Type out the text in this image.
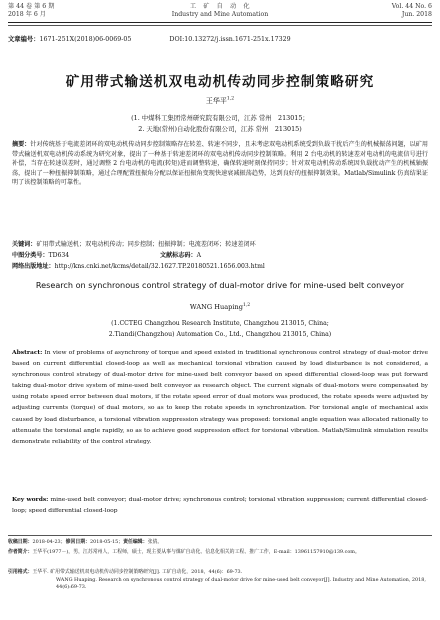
第 44 卷 第 6 期
2018 年 6 月
工　矿　自　动　化
Industry and Mine Automation
Vol. 44 No. 6
Jun. 2018
文章编号：1671-251X(2018)06-0069-05	DOI:10.13272/j.issn.1671-251x.17329
矿用带式输送机双电动机传动同步控制策略研究
王华平$^{1,2}$
(1. 中煤科工集团常州研究院有限公司，江苏 常州　213015；
2. 天地(常州)自动化股份有限公司，江苏 常州　213015)
摘要：针对传统基于电流差闭环的双电动机传动同步控制策略存在转差、转速不同步，且未考虑双电动机系统受到负载干扰后产生的机械振荡问题，以矿用带式输送机双电动机传动系统为研究对象，提出了一种基于转速差闭环的双电动机传动同步控制策略。利用 2 台电动机的转速差对电动机的电流信号进行补偿，当存在转速误差时，通过调整 2 台电动机的电流(转矩)进而调整转速，确保转速时刻保持同步；针对双电动机传动系统因负载扰动产生的机械轴振荡，提出了一种扭振抑制策略，通过合理配置扭振角分配以保证扭振角变现快速衰减振荡趋势，达到良好的扭振抑制效果。Matlab/Simulink 仿真结果证明了该控制策略的可靠性。
关键词：矿用带式输送机；双电动机传动；同步控制；扭振抑制；电流差闭环；转速差闭环
中图分类号：TD634	文献标志码：A
网络出版地址：http://kns.cnki.net/kcms/detail/32.1627.TP.20180521.1656.003.html
Research on synchronous control strategy of dual-motor drive for mine-used belt conveyor
WANG Huaping$^{1,2}$
(1.CCTEG Changzhou Research Institute, Changzhou 213015, China;
2.Tiandi(Changzhou) Automation Co., Ltd., Changzhou 213015, China)
Abstract: In view of problems of asynchrony of torque and speed existed in traditional synchronous control strategy of dual-motor drive based on current differential closed-loop as well as mechanical torsional vibration caused by load disturbance is not considered, a synchronous control strategy of dual-motor drive for mine-used belt conveyor based on speed differential closed-loop was put forward taking dual-motor drive system of mine-used belt conveyor as research object. The current signals of dual-motors were compensated by using rotate speed error between dual motors, if the rotate speed error of dual motors was produced, the rotate speeds were adjusted by adjusting currents (torque) of dual motors, so as to keep the rotate speeds in synchronization. For torsional angle of mechanical axis caused by load disturbance, a torsional vibration suppression strategy was proposed: torsional angle equation was allocated rationally to attenuate the torsional angle rapidly, so as to achieve good suppression effect for torsional vibration. Matlab/Simulink simulation results demonstrate reliability of the control strategy.
Key words: mine-used belt conveyor; dual-motor drive; synchronous control; torsional vibration suppression; current differential closed-loop; speed differential closed-loop
收稿日期：2018-04-23；修回日期：2018-05-15；责任编辑：张倩。
作者简介：王华平(1977－)，男，江苏常州人，工程师，硕士，现主要从事与煤矿自动化、信息化相关的工程、推广工作，E-mail：13961157910@139.com。
引用格式：王华平. 矿用带式输送机双电动机传动同步控制策略研究[J]. 工矿自动化，2018，44(6)：69-73.
WANG Huaping. Research on synchronous control strategy of dual-motor drive for mine-used belt conveyor[J]. Industry and Mine Automation, 2018, 44(6):69-73.
